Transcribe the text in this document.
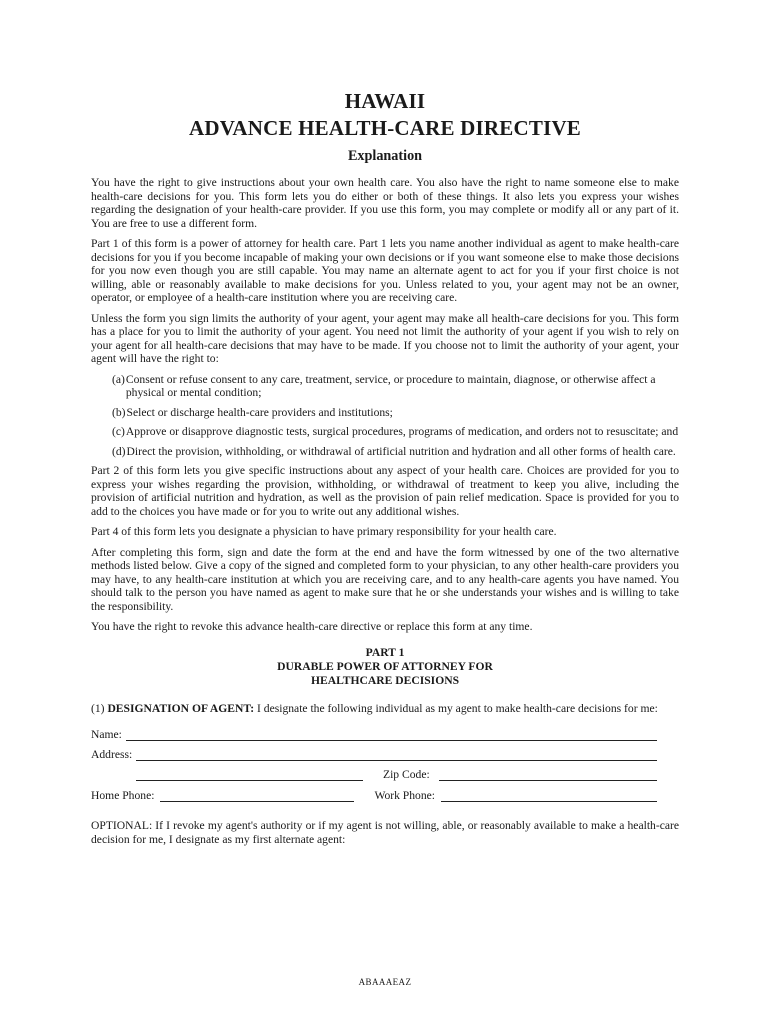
HAWAII
ADVANCE HEALTH-CARE DIRECTIVE
Explanation

You have the right to give instructions about your own health care. You also have the right to name someone else to make health-care decisions for you. This form lets you do either or both of these things. It also lets you express your wishes regarding the designation of your health-care provider. If you use this form, you may complete or modify all or any part of it. You are free to use a different form.

Part 1 of this form is a power of attorney for health care. Part 1 lets you name another individual as agent to make health-care decisions for you if you become incapable of making your own decisions or if you want someone else to make those decisions for you now even though you are still capable. You may name an alternate agent to act for you if your first choice is not willing, able or reasonably available to make decisions for you. Unless related to you, your agent may not be an owner, operator, or employee of a health-care institution where you are receiving care.

Unless the form you sign limits the authority of your agent, your agent may make all health-care decisions for you. This form has a place for you to limit the authority of your agent. You need not limit the authority of your agent if you wish to rely on your agent for all health-care decisions that may have to be made. If you choose not to limit the authority of your agent, your agent will have the right to:

(a) Consent or refuse consent to any care, treatment, service, or procedure to maintain, diagnose, or otherwise affect a physical or mental condition;
(b) Select or discharge health-care providers and institutions;
(c) Approve or disapprove diagnostic tests, surgical procedures, programs of medication, and orders not to resuscitate; and
(d) Direct the provision, withholding, or withdrawal of artificial nutrition and hydration and all other forms of health care.

Part 2 of this form lets you give specific instructions about any aspect of your health care. Choices are provided for you to express your wishes regarding the provision, withholding, or withdrawal of treatment to keep you alive, including the provision of artificial nutrition and hydration, as well as the provision of pain relief medication. Space is provided for you to add to the choices you have made or for you to write out any additional wishes.

Part 4 of this form lets you designate a physician to have primary responsibility for your health care.

After completing this form, sign and date the form at the end and have the form witnessed by one of the two alternative methods listed below. Give a copy of the signed and completed form to your physician, to any other health-care providers you may have, to any health-care institution at which you are receiving care, and to any health-care agents you have named. You should talk to the person you have named as agent to make sure that he or she understands your wishes and is willing to take the responsibility.

You have the right to revoke this advance health-care directive or replace this form at any time.

PART 1
DURABLE POWER OF ATTORNEY FOR
HEALTHCARE DECISIONS
(1) DESIGNATION OF AGENT: I designate the following individual as my agent to make health-care decisions for me:
Name:
Address:
Zip Code:
Home Phone:	Work Phone:

OPTIONAL: If I revoke my agent's authority or if my agent is not willing, able, or reasonably available to make a health-care decision for me, I designate as my first alternate agent:

ABAAAEAZ
